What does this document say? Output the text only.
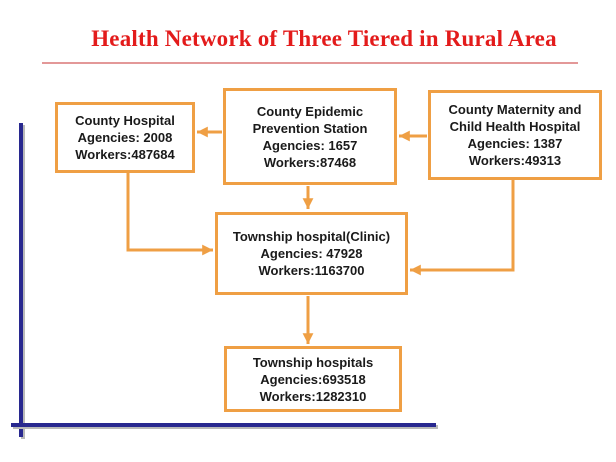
Health Network of Three Tiered in Rural Area
County Hospital
Agencies: 2008
Workers:487684
County Epidemic Prevention Station
Agencies: 1657
Workers:87468
County Maternity and Child Health Hospital
Agencies: 1387
Workers:49313
Township hospital(Clinic)
Agencies: 47928
Workers:1163700
Township hospitals
Agencies:693518
Workers:1282310
